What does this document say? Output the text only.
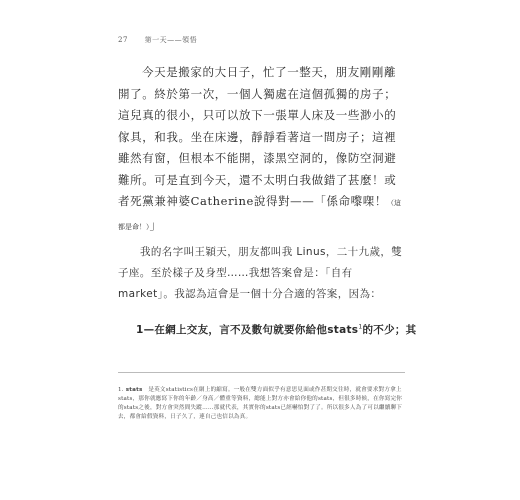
27 第一天——領悟

今天是搬家的大日子，忙了一整天，朋友剛剛離開了。終於第一次，一個人獨處在這個孤獨的房子；這兒真的很小，只可以放下一張單人床及一些渺小的傢具，和我。坐在床邊，靜靜看著這一間房子；這裡雖然有窗，但根本不能開，漆黑空洞的，像防空洞避難所。可是直到今天，還不太明白我做錯了甚麼！或者死黨兼神婆Catherine說得對——「係命嚟㗎！（這都是命！）」

我的名字叫王穎天，朋友都叫我 Linus，二十九歲，雙子座。至於樣子及身型……我想答案會是：「自有market」。我認為這會是一個十分合適的答案，因為：

1—在網上交友，言不及數句就要你給他stats$^1$的不少；其

1. stats　 是英文statistics在網上的縮寫。一般在雙方面似乎有意思見面或作甚期交往時，就會要求對方拿上stats，那你就應寫下你的年齡／身高／體重等資料，總能上對方亦會給你他的stats，但很多時候，在你寫完你的stats之後，對方會突然間失蹤……那就代表，其實你的stats已經嚇怕對了了。所以很多人為了可以繼續聊下去，都會給假資料，日子久了，連自己也信以為真。
